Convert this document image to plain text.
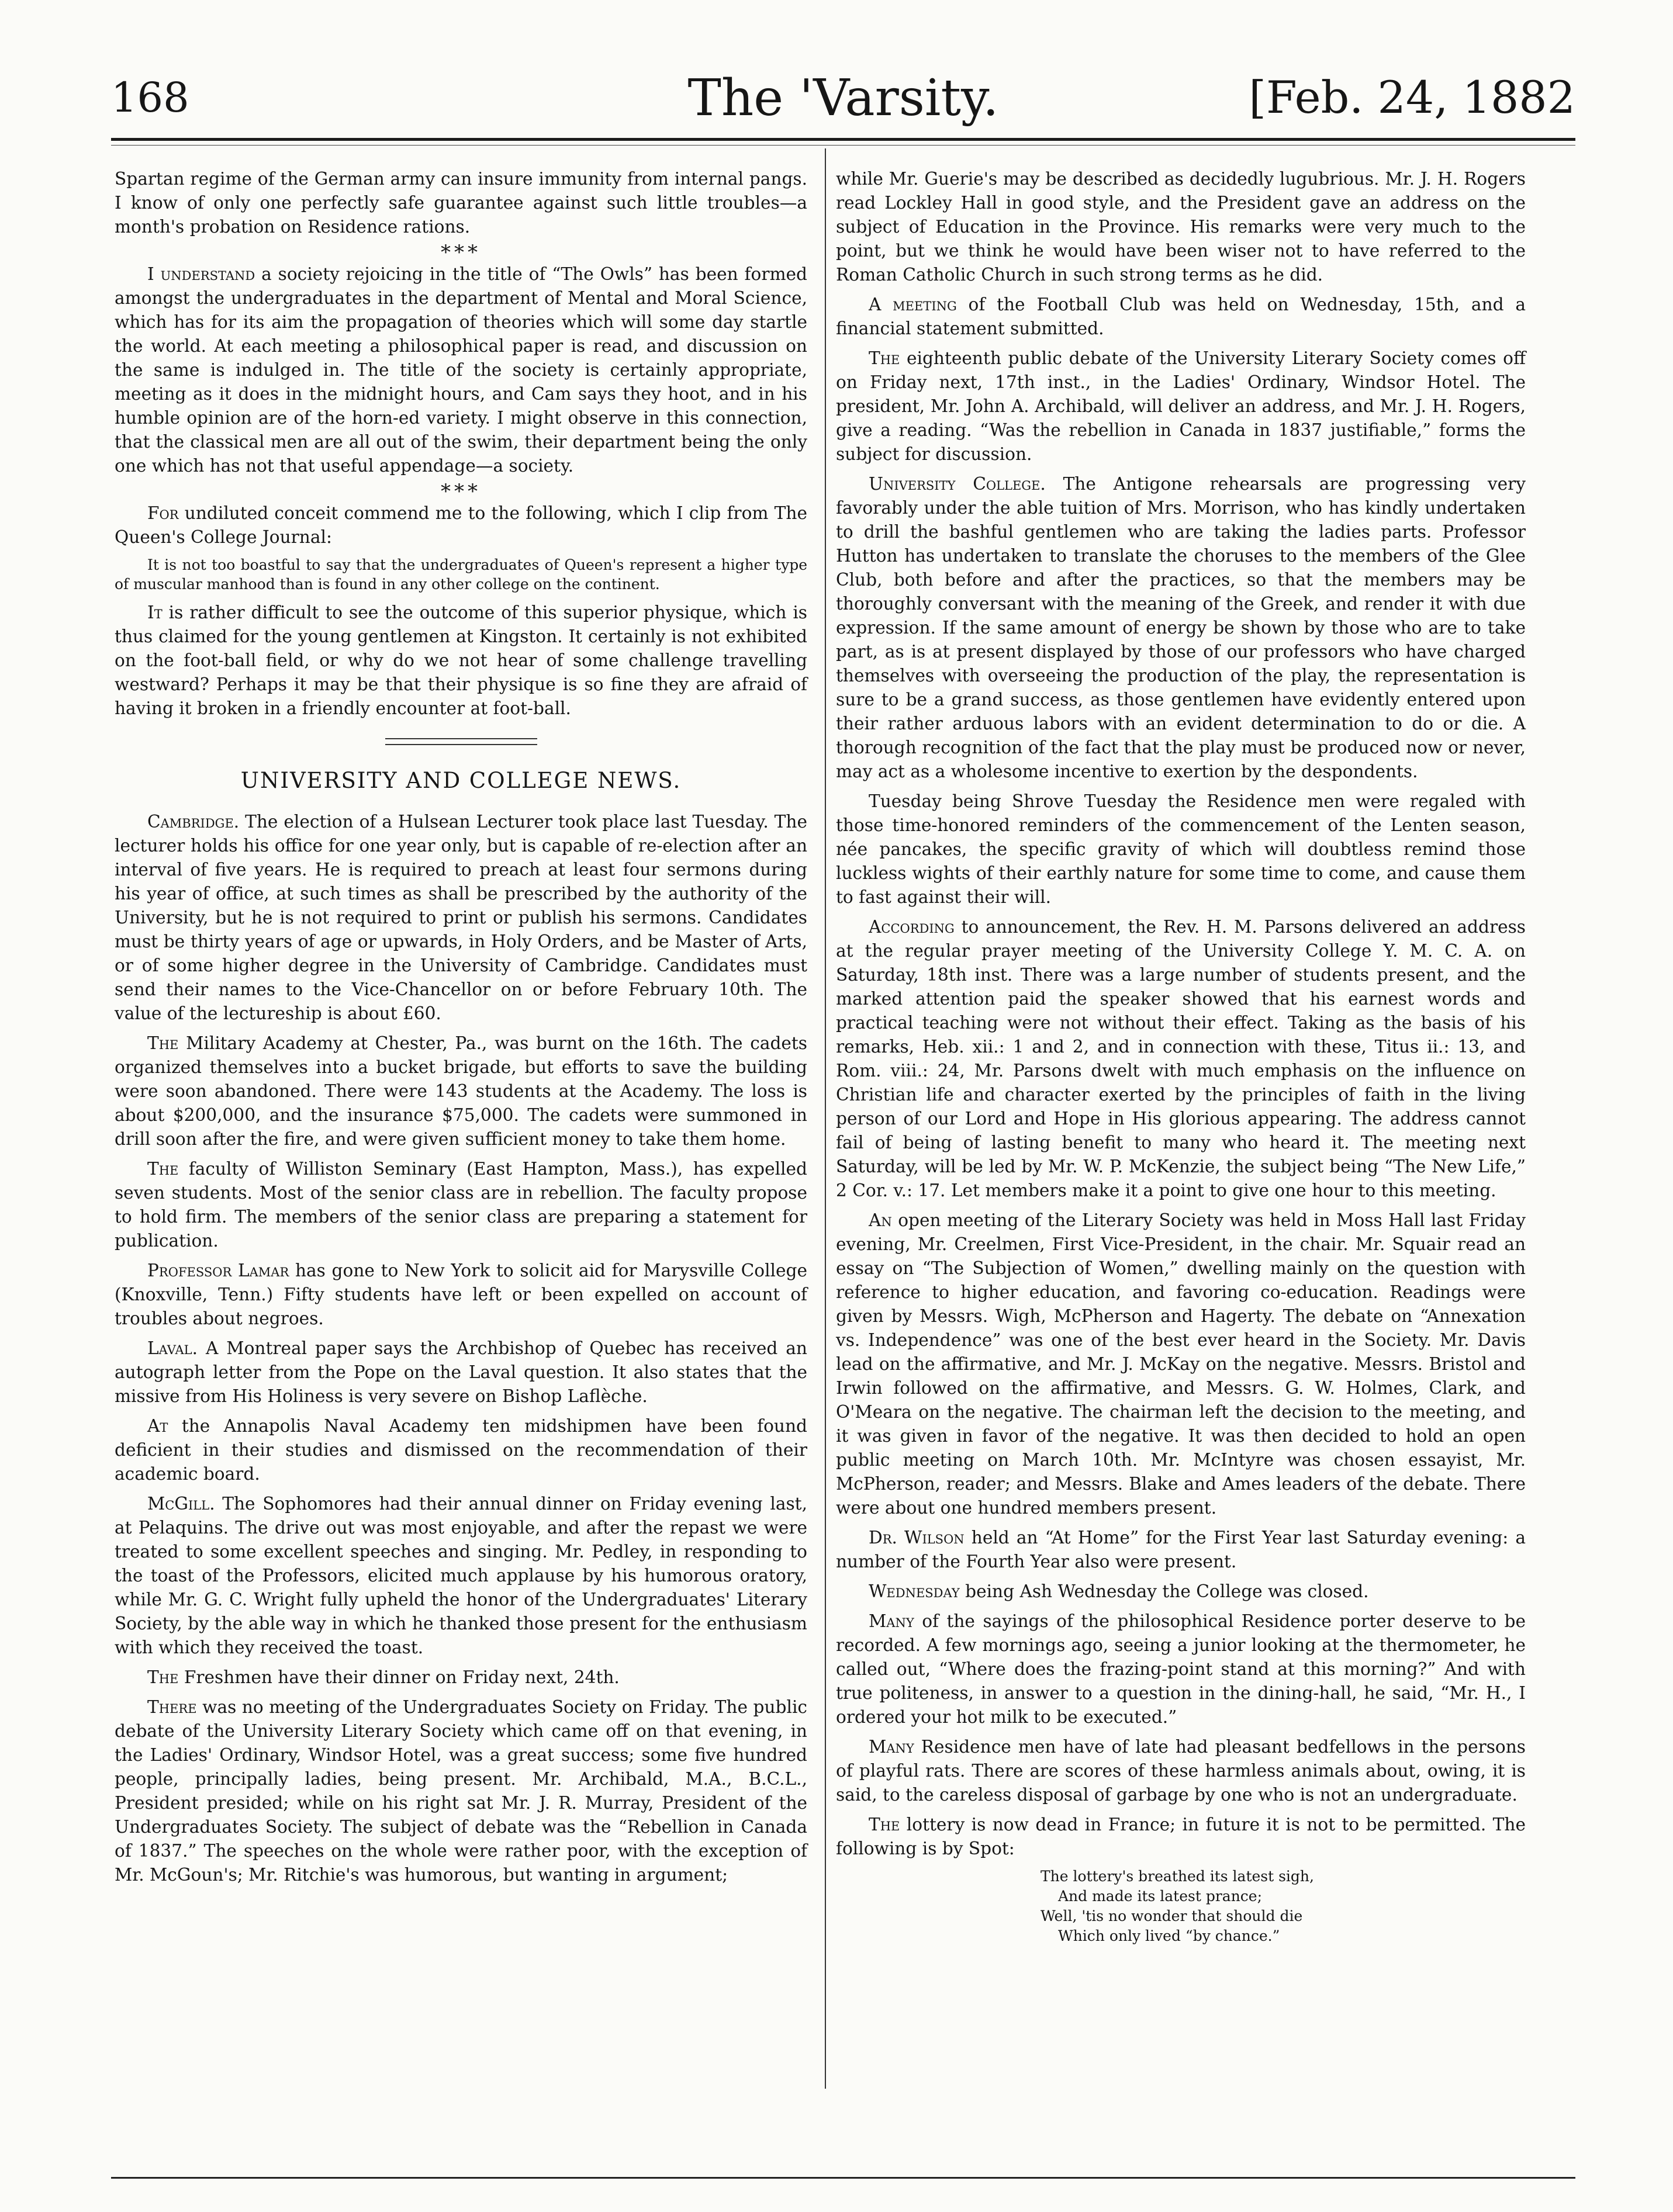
168	The 'Varsity.	[Feb. 24, 1882

Spartan regime of the German army can insure immunity from internal pangs. I know of only one perfectly safe guarantee against such little troubles—a month's probation on Residence rations.

***

I understand a society rejoicing in the title of “The Owls” has been formed amongst the undergraduates in the department of Mental and Moral Science, which has for its aim the propagation of theories which will some day startle the world. At each meeting a philosophical paper is read, and discussion on the same is indulged in. The title of the society is certainly appropriate, meeting as it does in the midnight hours, and Cam says they hoot, and in his humble opinion are of the horn-ed variety. I might observe in this connection, that the classical men are all out of the swim, their department being the only one which has not that useful appendage—a society.

***

For undiluted conceit commend me to the following, which I clip from The Queen's College Journal:

It is not too boastful to say that the undergraduates of Queen's represent a higher type of muscular manhood than is found in any other college on the continent.

It is rather difficult to see the outcome of this superior physique, which is thus claimed for the young gentlemen at Kingston. It certainly is not exhibited on the foot-ball field, or why do we not hear of some challenge travelling westward? Perhaps it may be that their physique is so fine they are afraid of having it broken in a friendly encounter at foot-ball.

UNIVERSITY AND COLLEGE NEWS.

Cambridge. The election of a Hulsean Lecturer took place last Tuesday. The lecturer holds his office for one year only, but is capable of re-election after an interval of five years. He is required to preach at least four sermons during his year of office, at such times as shall be prescribed by the authority of the University, but he is not required to print or publish his sermons. Candidates must be thirty years of age or upwards, in Holy Orders, and be Master of Arts, or of some higher degree in the University of Cambridge. Candidates must send their names to the Vice-Chancellor on or before February 10th. The value of the lectureship is about £60.

The Military Academy at Chester, Pa., was burnt on the 16th. The cadets organized themselves into a bucket brigade, but efforts to save the building were soon abandoned. There were 143 students at the Academy. The loss is about $200,000, and the insurance $75,000. The cadets were summoned in drill soon after the fire, and were given sufficient money to take them home.

The faculty of Williston Seminary (East Hampton, Mass.), has expelled seven students. Most of the senior class are in rebellion. The faculty propose to hold firm. The members of the senior class are preparing a statement for publication.

Professor Lamar has gone to New York to solicit aid for Marysville College (Knoxville, Tenn.) Fifty students have left or been expelled on account of troubles about negroes.

Laval. A Montreal paper says the Archbishop of Quebec has received an autograph letter from the Pope on the Laval question. It also states that the missive from His Holiness is very severe on Bishop Laflèche.

At the Annapolis Naval Academy ten midshipmen have been found deficient in their studies and dismissed on the recommendation of their academic board.

McGill. The Sophomores had their annual dinner on Friday evening last, at Pelaquins. The drive out was most enjoyable, and after the repast we were treated to some excellent speeches and singing. Mr. Pedley, in responding to the toast of the Professors, elicited much applause by his humorous oratory, while Mr. G. C. Wright fully upheld the honor of the Undergraduates' Literary Society, by the able way in which he thanked those present for the enthusiasm with which they received the toast.

The Freshmen have their dinner on Friday next, 24th.

There was no meeting of the Undergraduates Society on Friday. The public debate of the University Literary Society which came off on that evening, in the Ladies' Ordinary, Windsor Hotel, was a great success; some five hundred people, principally ladies, being present. Mr. Archibald, M.A., B.C.L., President presided; while on his right sat Mr. J. R. Murray, President of the Undergraduates Society. The subject of debate was the “Rebellion in Canada of 1837.” The speeches on the whole were rather poor, with the exception of Mr. McGoun's; Mr. Ritchie's was humorous, but wanting in argument;

while Mr. Guerie's may be described as decidedly lugubrious. Mr. J. H. Rogers read Lockley Hall in good style, and the President gave an address on the subject of Education in the Province. His remarks were very much to the point, but we think he would have been wiser not to have referred to the Roman Catholic Church in such strong terms as he did.

A meeting of the Football Club was held on Wednesday, 15th, and a financial statement submitted.

The eighteenth public debate of the University Literary Society comes off on Friday next, 17th inst., in the Ladies' Ordinary, Windsor Hotel. The president, Mr. John A. Archibald, will deliver an address, and Mr. J. H. Rogers, give a reading. “Was the rebellion in Canada in 1837 justifiable,” forms the subject for discussion.

University College. The Antigone rehearsals are progressing very favorably under the able tuition of Mrs. Morrison, who has kindly undertaken to drill the bashful gentlemen who are taking the ladies parts. Professor Hutton has undertaken to translate the choruses to the members of the Glee Club, both before and after the practices, so that the members may be thoroughly conversant with the meaning of the Greek, and render it with due expression. If the same amount of energy be shown by those who are to take part, as is at present displayed by those of our professors who have charged themselves with overseeing the production of the play, the representation is sure to be a grand success, as those gentlemen have evidently entered upon their rather arduous labors with an evident determination to do or die. A thorough recognition of the fact that the play must be produced now or never, may act as a wholesome incentive to exertion by the despondents.

Tuesday being Shrove Tuesday the Residence men were regaled with those time-honored reminders of the commencement of the Lenten season, née pancakes, the specific gravity of which will doubtless remind those luckless wights of their earthly nature for some time to come, and cause them to fast against their will.

According to announcement, the Rev. H. M. Parsons delivered an address at the regular prayer meeting of the University College Y. M. C. A. on Saturday, 18th inst. There was a large number of students present, and the marked attention paid the speaker showed that his earnest words and practical teaching were not without their effect. Taking as the basis of his remarks, Heb. xii.: 1 and 2, and in connection with these, Titus ii.: 13, and Rom. viii.: 24, Mr. Parsons dwelt with much emphasis on the influence on Christian life and character exerted by the principles of faith in the living person of our Lord and Hope in His glorious appearing. The address cannot fail of being of lasting benefit to many who heard it. The meeting next Saturday, will be led by Mr. W. P. McKenzie, the subject being “The New Life,” 2 Cor. v.: 17. Let members make it a point to give one hour to this meeting.

An open meeting of the Literary Society was held in Moss Hall last Friday evening, Mr. Creelmen, First Vice-President, in the chair. Mr. Squair read an essay on “The Subjection of Women,” dwelling mainly on the question with reference to higher education, and favoring co-education. Readings were given by Messrs. Wigh, McPherson and Hagerty. The debate on “Annexation vs. Independence” was one of the best ever heard in the Society. Mr. Davis lead on the affirmative, and Mr. J. McKay on the negative. Messrs. Bristol and Irwin followed on the affirmative, and Messrs. G. W. Holmes, Clark, and O'Meara on the negative. The chairman left the decision to the meeting, and it was given in favor of the negative. It was then decided to hold an open public meeting on March 10th. Mr. McIntyre was chosen essayist, Mr. McPherson, reader; and Messrs. Blake and Ames leaders of the debate. There were about one hundred members present.

Dr. Wilson held an “At Home” for the First Year last Saturday evening: a number of the Fourth Year also were present.

Wednesday being Ash Wednesday the College was closed.

Many of the sayings of the philosophical Residence porter deserve to be recorded. A few mornings ago, seeing a junior looking at the thermometer, he called out, “Where does the frazing-point stand at this morning?” And with true politeness, in answer to a question in the dining-hall, he said, “Mr. H., I ordered your hot milk to be executed.”

Many Residence men have of late had pleasant bedfellows in the persons of playful rats. There are scores of these harmless animals about, owing, it is said, to the careless disposal of garbage by one who is not an undergraduate.

The lottery is now dead in France; in future it is not to be permitted. The following is by Spot:

The lottery's breathed its latest sigh,
And made its latest prance;
Well, 'tis no wonder that should die
Which only lived “by chance.”
